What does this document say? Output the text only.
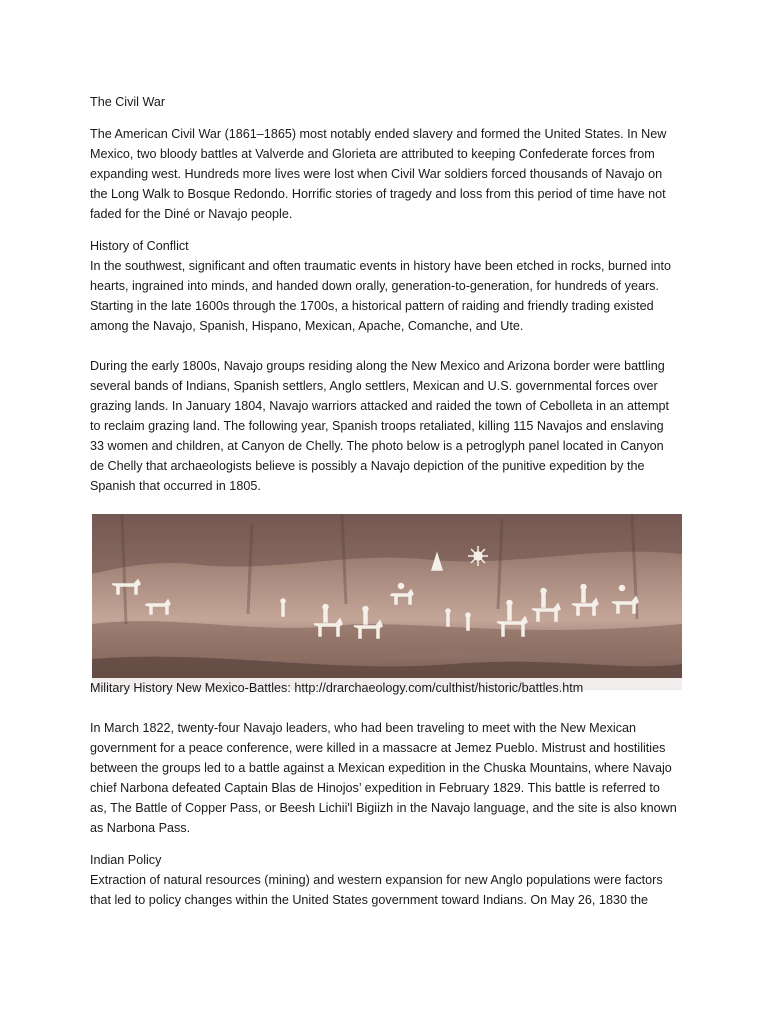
The Civil War

The American Civil War (1861–1865) most notably ended slavery and formed the United States. In New Mexico, two bloody battles at Valverde and Glorieta are attributed to keeping Confederate forces from expanding west. Hundreds more lives were lost when Civil War soldiers forced thousands of Navajo on the Long Walk to Bosque Redondo. Horrific stories of tragedy and loss from this period of time have not faded for the Diné or Navajo people.

History of Conflict

In the southwest, significant and often traumatic events in history have been etched in rocks, burned into hearts, ingrained into minds, and handed down orally, generation-to-generation, for hundreds of years. Starting in the late 1600s through the 1700s, a historical pattern of raiding and friendly trading existed among the Navajo, Spanish, Hispano, Mexican, Apache, Comanche, and Ute.

During the early 1800s, Navajo groups residing along the New Mexico and Arizona border were battling several bands of Indians, Spanish settlers, Anglo settlers, Mexican and U.S. governmental forces over grazing lands. In January 1804, Navajo warriors attacked and raided the town of Cebolleta in an attempt to reclaim grazing land. The following year, Spanish troops retaliated, killing 115 Navajos and enslaving 33 women and children, at Canyon de Chelly. The photo below is a petroglyph panel located in Canyon de Chelly that archaeologists believe is possibly a Navajo depiction of the punitive expedition by the Spanish that occurred in 1805.

Military History New Mexico-Battles: http://drarchaeology.com/culthist/historic/battles.htm

In March 1822, twenty-four Navajo leaders, who had been traveling to meet with the New Mexican government for a peace conference, were killed in a massacre at Jemez Pueblo. Mistrust and hostilities between the groups led to a battle against a Mexican expedition in the Chuska Mountains, where Navajo chief Narbona defeated Captain Blas de Hinojos’ expedition in February 1829. This battle is referred to as, The Battle of Copper Pass, or Beesh Lichii'l Bigiizh in the Navajo language, and the site is also known as Narbona Pass.

Indian Policy

Extraction of natural resources (mining) and western expansion for new Anglo populations were factors that led to policy changes within the United States government toward Indians. On May 26, 1830 the
